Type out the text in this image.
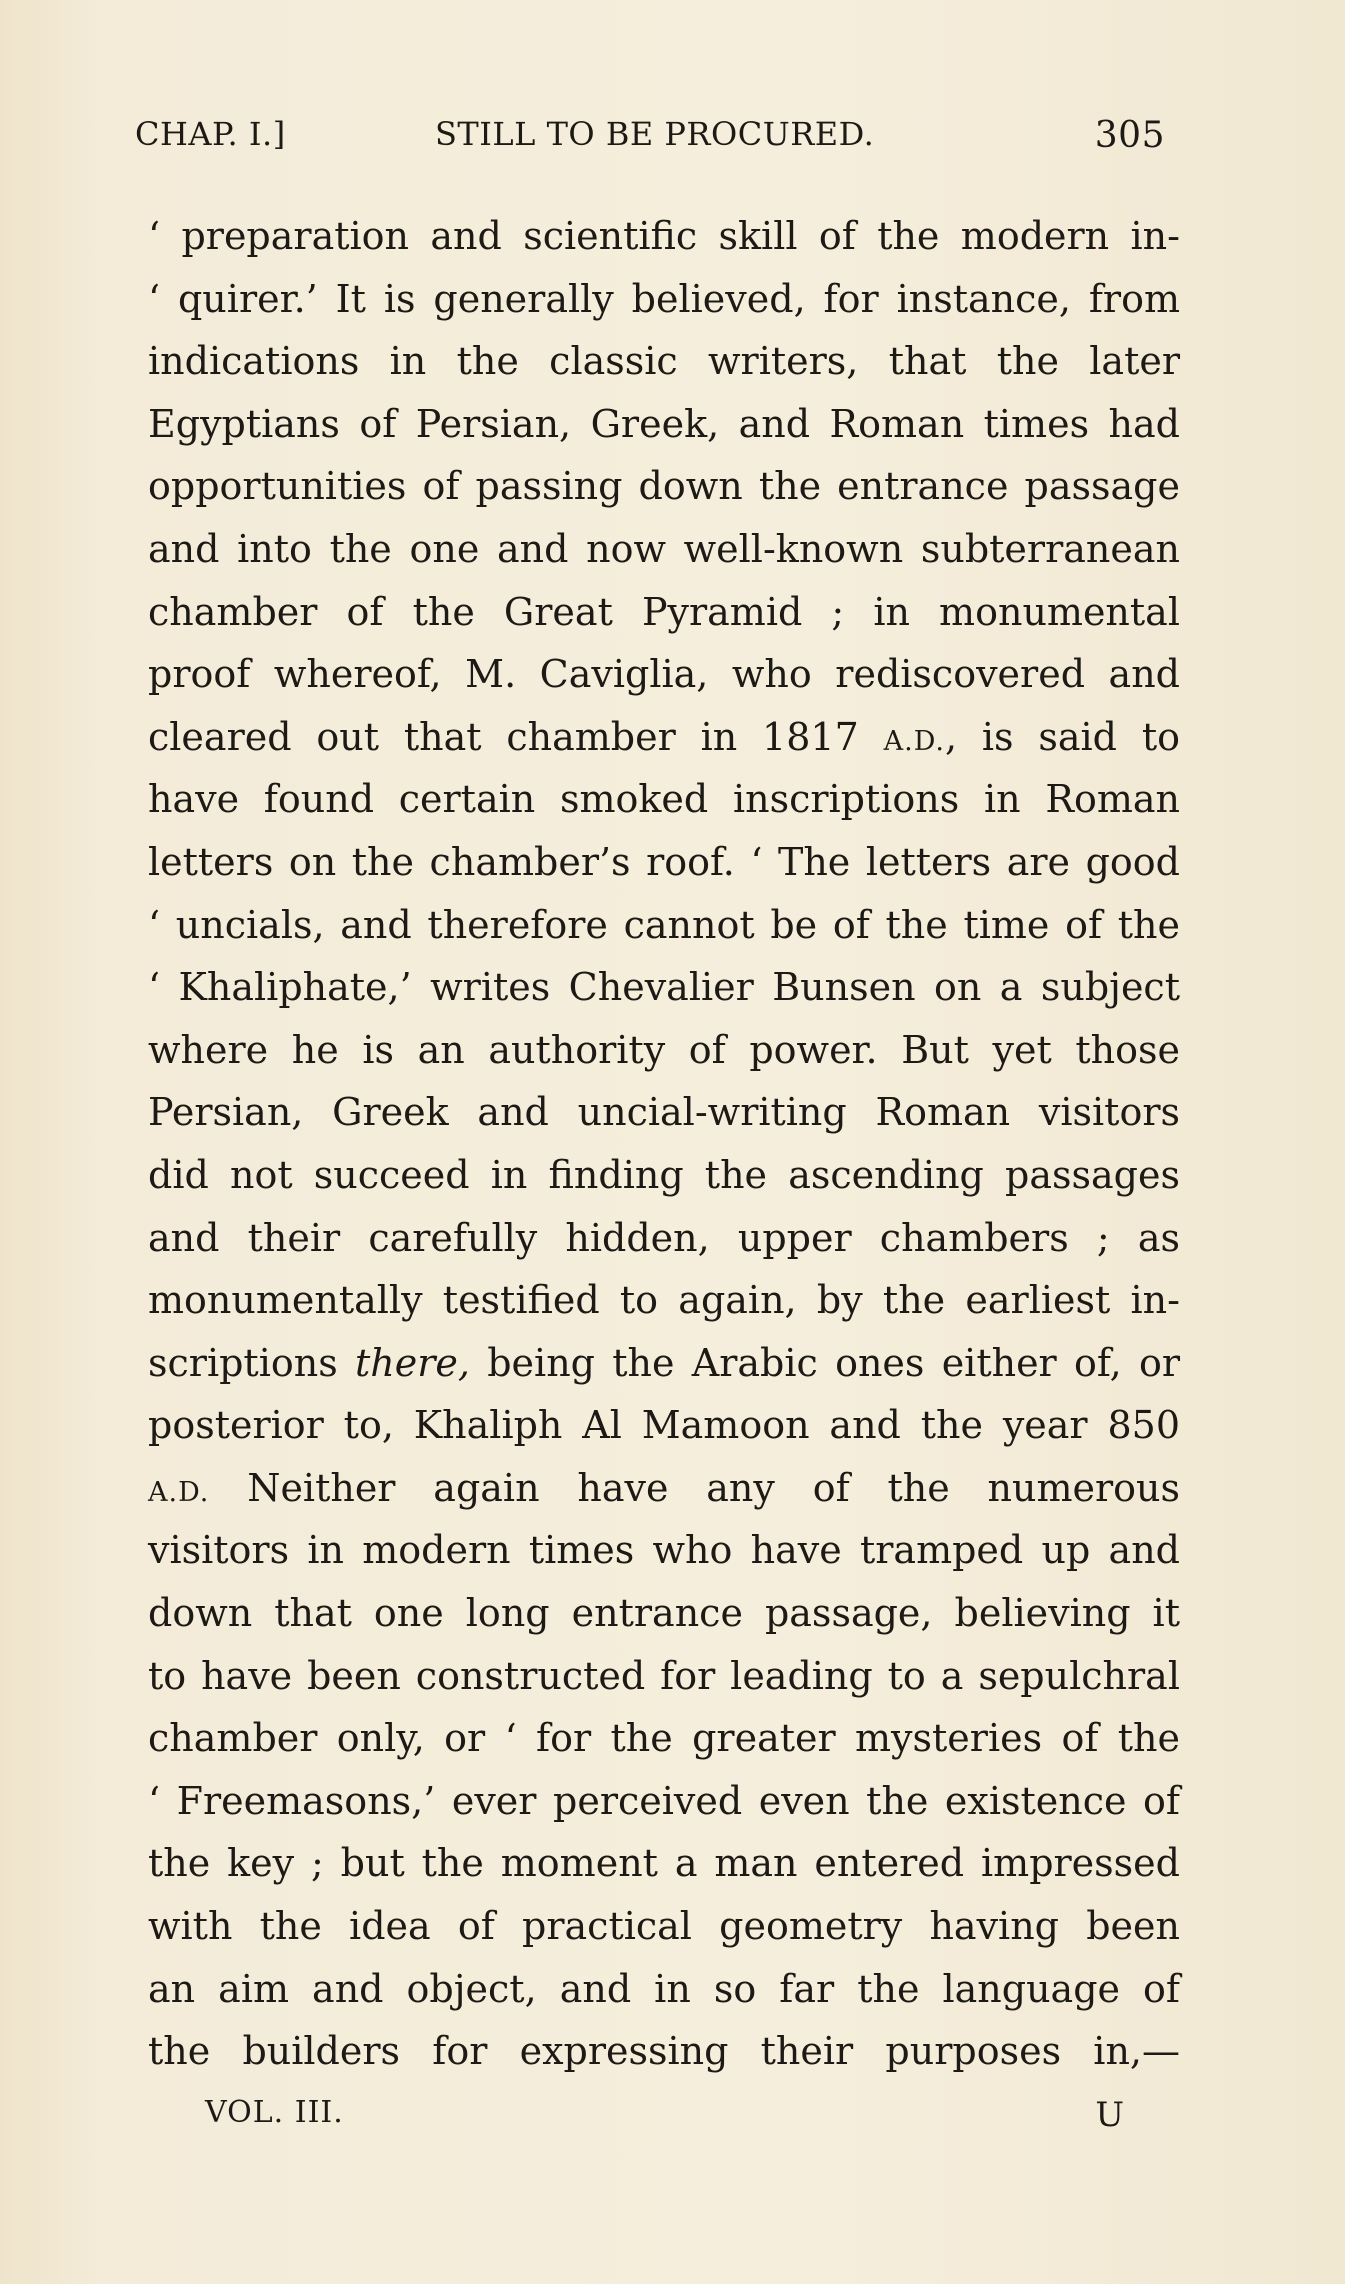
CHAP. I.]	STILL TO BE PROCURED.	305
‘ preparation and scientific skill of the modern in-
‘ quirer.’ It is generally believed, for instance, from
indications in the classic writers, that the later
Egyptians of Persian, Greek, and Roman times had
opportunities of passing down the entrance passage
and into the one and now well-known subterranean
chamber of the Great Pyramid ; in monumental
proof whereof, M. Caviglia, who rediscovered and
cleared out that chamber in 1817 A.D., is said to
have found certain smoked inscriptions in Roman
letters on the chamber’s roof. ‘ The letters are good
‘ uncials, and therefore cannot be of the time of the
‘ Khaliphate,’ writes Chevalier Bunsen on a subject
where he is an authority of power. But yet those
Persian, Greek and uncial-writing Roman visitors
did not succeed in finding the ascending passages
and their carefully hidden, upper chambers ; as
monumentally testified to again, by the earliest in-
scriptions there, being the Arabic ones either of, or
posterior to, Khaliph Al Mamoon and the year 850
A.D. Neither again have any of the numerous
visitors in modern times who have tramped up and
down that one long entrance passage, believing it
to have been constructed for leading to a sepulchral
chamber only, or ‘ for the greater mysteries of the
‘ Freemasons,’ ever perceived even the existence of
the key ; but the moment a man entered impressed
with the idea of practical geometry having been
an aim and object, and in so far the language of
the builders for expressing their purposes in,—
VOL. III.	U
